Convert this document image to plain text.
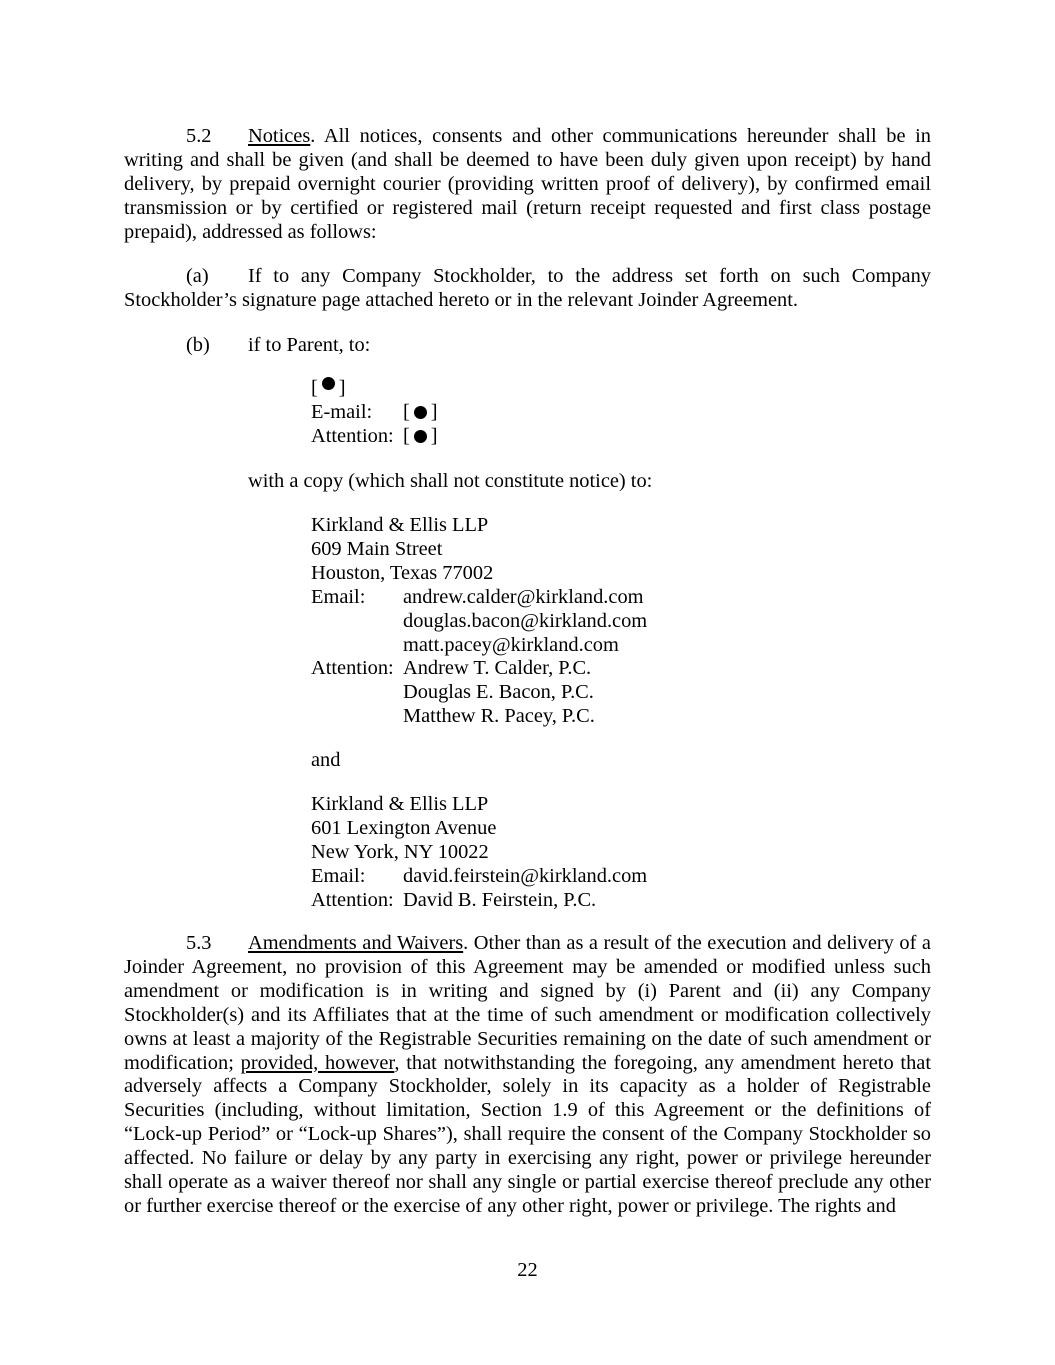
5.2 Notices. All notices, consents and other communications hereunder shall be in writing and shall be given (and shall be deemed to have been duly given upon receipt) by hand delivery, by prepaid overnight courier (providing written proof of delivery), by confirmed email transmission or by certified or registered mail (return receipt requested and first class postage prepaid), addressed as follows:

(a) If to any Company Stockholder, to the address set forth on such Company Stockholder’s signature page attached hereto or in the relevant Joinder Agreement.

(b) if to Parent, to:
[ ]
E-mail:	[ ]
Attention: [ ]
with a copy (which shall not constitute notice) to:
Kirkland & Ellis LLP
609 Main Street
Houston, Texas 77002
Email:	andrew.calder@kirkland.com
douglas.bacon@kirkland.com
matt.pacey@kirkland.com
Attention: Andrew T. Calder, P.C.
Douglas E. Bacon, P.C.
Matthew R. Pacey, P.C.
and
Kirkland & Ellis LLP
601 Lexington Avenue
New York, NY 10022
Email:	david.feirstein@kirkland.com
Attention: David B. Feirstein, P.C.

5.3 Amendments and Waivers. Other than as a result of the execution and delivery of a Joinder Agreement, no provision of this Agreement may be amended or modified unless such amendment or modification is in writing and signed by (i) Parent and (ii) any Company Stockholder(s) and its Affiliates that at the time of such amendment or modification collectively owns at least a majority of the Registrable Securities remaining on the date of such amendment or modification; provided, however, that notwithstanding the foregoing, any amendment hereto that adversely affects a Company Stockholder, solely in its capacity as a holder of Registrable Securities (including, without limitation, Section 1.9 of this Agreement or the definitions of “Lock-up Period” or “Lock-up Shares”), shall require the consent of the Company Stockholder so affected. No failure or delay by any party in exercising any right, power or privilege hereunder shall operate as a waiver thereof nor shall any single or partial exercise thereof preclude any other or further exercise thereof or the exercise of any other right, power or privilege. The rights and

22
